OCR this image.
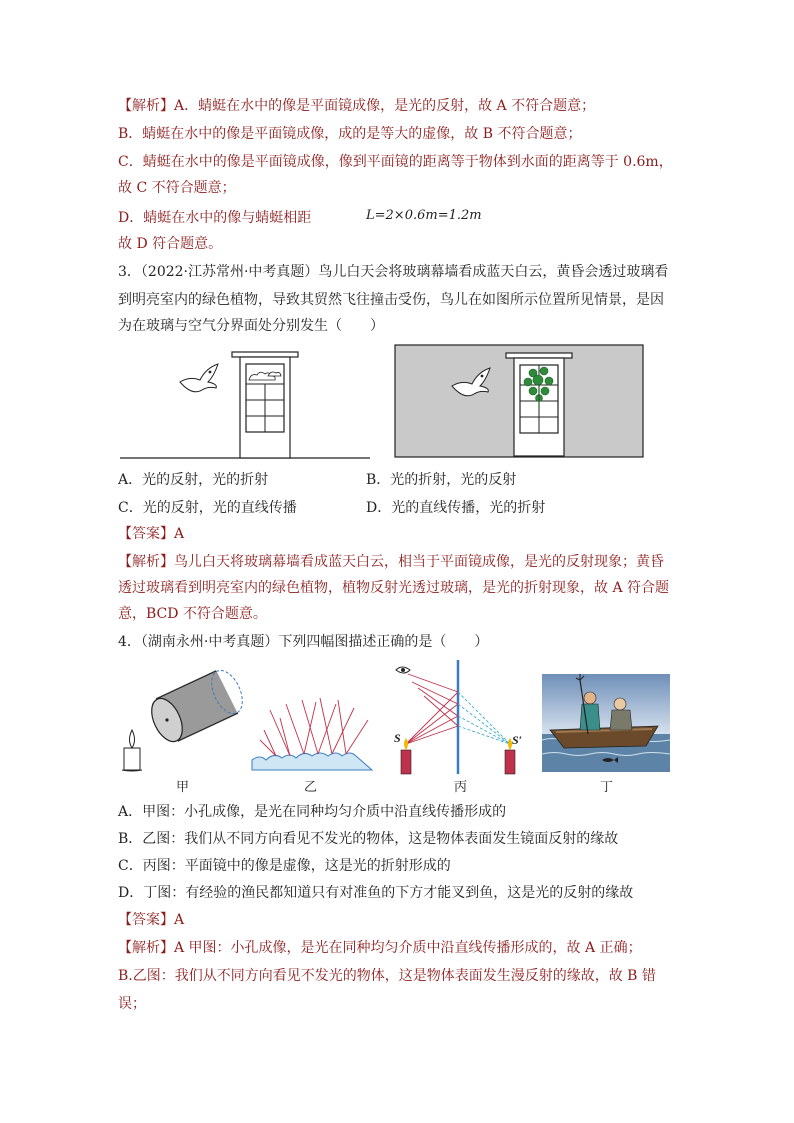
【解析】A．蜻蜓在水中的像是平面镜成像，是光的反射，故 A 不符合题意；
B．蜻蜓在水中的像是平面镜成像，成的是等大的虚像，故 B 不符合题意；
C．蜻蜓在水中的像是平面镜成像，像到平面镜的距离等于物体到水面的距离等于 0.6m，
故 C 不符合题意；
D．蜻蜓在水中的像与蜻蜓相距	L=2×0.6m=1.2m
故 D 符合题意。
3．（2022·江苏常州·中考真题）鸟儿白天会将玻璃幕墙看成蓝天白云，黄昏会透过玻璃看
到明亮室内的绿色植物，导致其贸然飞往撞击受伤，鸟儿在如图所示位置所见情景，是因
为在玻璃与空气分界面处分别发生（　　）
A．光的反射，光的折射	B．光的折射，光的反射
C．光的反射，光的直线传播	D．光的直线传播，光的折射
【答案】A
【解析】鸟儿白天将玻璃幕墙看成蓝天白云，相当于平面镜成像，是光的反射现象；黄昏
透过玻璃看到明亮室内的绿色植物，植物反射光透过玻璃，是光的折射现象，故 A 符合题
意，BCD 不符合题意。
4．（湖南永州·中考真题）下列四幅图描述正确的是（　　）
甲	乙
S	S′
丙	丁
A．甲图：小孔成像，是光在同种均匀介质中沿直线传播形成的
B．乙图：我们从不同方向看见不发光的物体，这是物体表面发生镜面反射的缘故
C．丙图：平面镜中的像是虚像，这是光的折射形成的
D．丁图：有经验的渔民都知道只有对准鱼的下方才能叉到鱼，这是光的反射的缘故
【答案】A
【解析】A 甲图：小孔成像，是光在同种均匀介质中沿直线传播形成的，故 A 正确；
B.乙图：我们从不同方向看见不发光的物体，这是物体表面发生漫反射的缘故，故 B 错
误；
